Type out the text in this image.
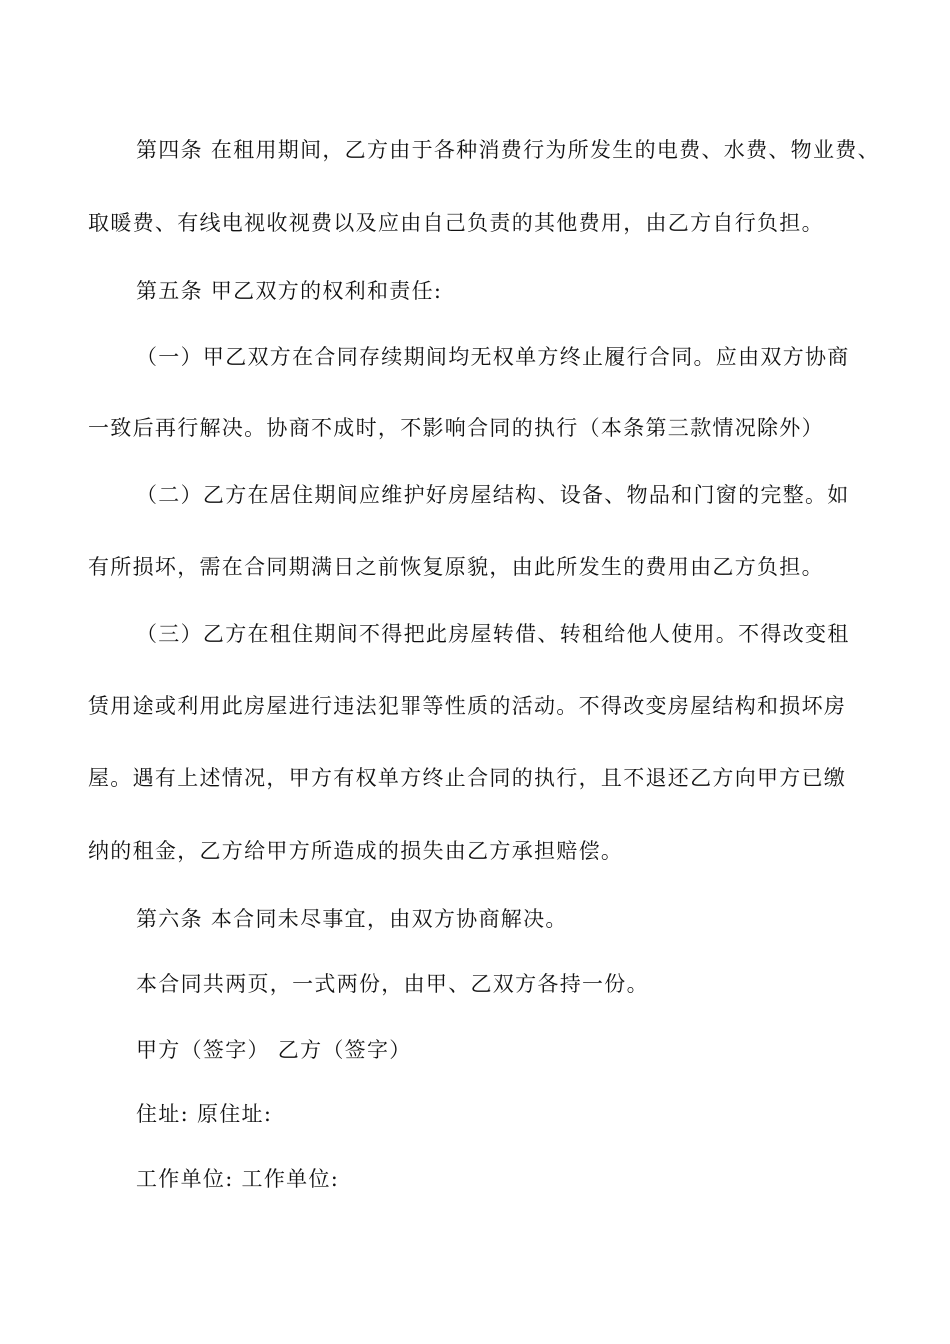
第四条 在租用期间，乙方由于各种消费行为所发生的电费、水费、物业费、
取暖费、有线电视收视费以及应由自己负责的其他费用，由乙方自行负担。
第五条 甲乙双方的权利和责任:
（一）甲乙双方在合同存续期间均无权单方终止履行合同。应由双方协商
一致后再行解决。协商不成时，不影响合同的执行（本条第三款情况除外）
（二）乙方在居住期间应维护好房屋结构、设备、物品和门窗的完整。如
有所损坏，需在合同期满日之前恢复原貌，由此所发生的费用由乙方负担。
（三）乙方在租住期间不得把此房屋转借、转租给他人使用。不得改变租
赁用途或利用此房屋进行违法犯罪等性质的活动。不得改变房屋结构和损坏房
屋。遇有上述情况，甲方有权单方终止合同的执行，且不退还乙方向甲方已缴
纳的租金，乙方给甲方所造成的损失由乙方承担赔偿。
第六条 本合同未尽事宜，由双方协商解决。
本合同共两页，一式两份，由甲、乙双方各持一份。
甲方（签字） 乙方（签字）
住址: 原住址:
工作单位: 工作单位:
